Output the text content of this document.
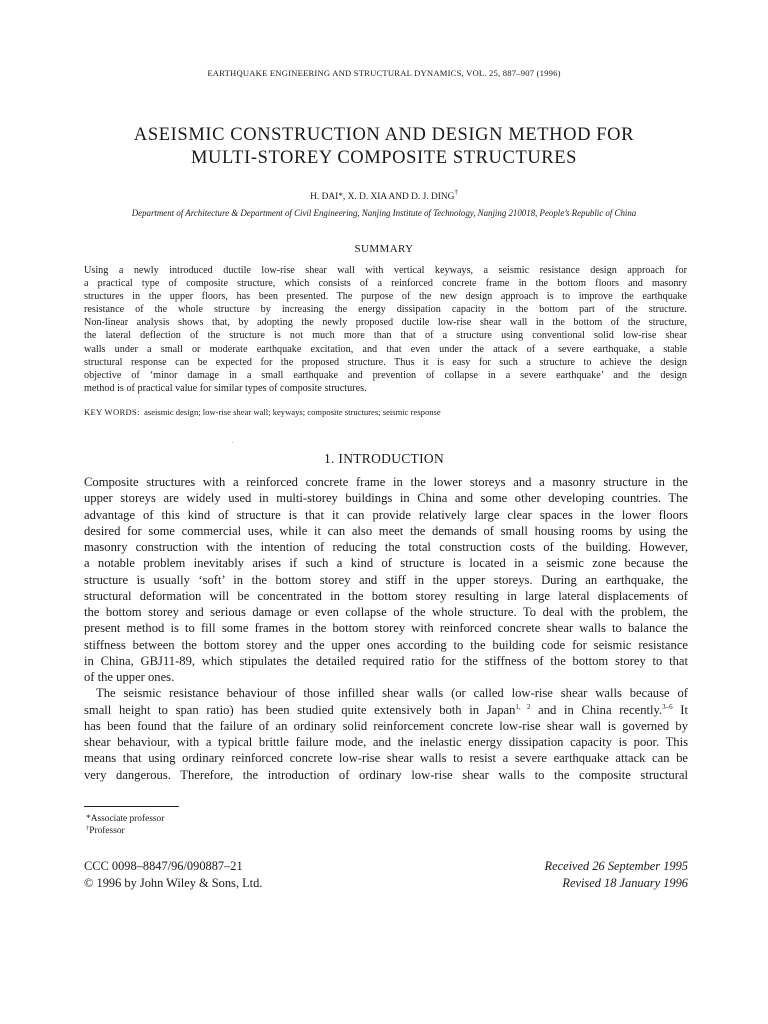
EARTHQUAKE ENGINEERING AND STRUCTURAL DYNAMICS, VOL. 25, 887–907 (1996)
ASEISMIC CONSTRUCTION AND DESIGN METHOD FOR
MULTI-STOREY COMPOSITE STRUCTURES
H. DAI*, X. D. XIA AND D. J. DING†
Department of Architecture & Department of Civil Engineering, Nanjing Institute of Technology, Nanjing 210018, People’s Republic of China
SUMMARY
Using a newly introduced ductile low-rise shear wall with vertical keyways, a seismic resistance design approach for
a practical type of composite structure, which consists of a reinforced concrete frame in the bottom floors and masonry
structures in the upper floors, has been presented. The purpose of the new design approach is to improve the earthquake
resistance of the whole structure by increasing the energy dissipation capacity in the bottom part of the structure.
Non-linear analysis shows that, by adopting the newly proposed ductile low-rise shear wall in the bottom of the structure,
the lateral deflection of the structure is not much more than that of a structure using conventional solid low-rise shear
walls under a small or moderate earthquake excitation, and that even under the attack of a severe earthquake, a stable
structural response can be expected for the proposed structure. Thus it is easy for such a structure to achieve the design
objective of ‘minor damage in a small earthquake and prevention of collapse in a severe earthquake’ and the design
method is of practical value for similar types of composite structures.
KEY WORDS: aseismic design; low-rise shear wall; keyways; composite structures; seismic response
1. INTRODUCTION
Composite structures with a reinforced concrete frame in the lower storeys and a masonry structure in the
upper storeys are widely used in multi-storey buildings in China and some other developing countries. The
advantage of this kind of structure is that it can provide relatively large clear spaces in the lower floors
desired for some commercial uses, while it can also meet the demands of small housing rooms by using the
masonry construction with the intention of reducing the total construction costs of the building. However,
a notable problem inevitably arises if such a kind of structure is located in a seismic zone because the
structure is usually ‘soft’ in the bottom storey and stiff in the upper storeys. During an earthquake, the
structural deformation will be concentrated in the bottom storey resulting in large lateral displacements of
the bottom storey and serious damage or even collapse of the whole structure. To deal with the problem, the
present method is to fill some frames in the bottom storey with reinforced concrete shear walls to balance the
stiffness between the bottom storey and the upper ones according to the building code for seismic resistance
in China, GBJ11-89, which stipulates the detailed required ratio for the stiffness of the bottom storey to that
of the upper ones.
The seismic resistance behaviour of those infilled shear walls (or called low-rise shear walls because of
small height to span ratio) has been studied quite extensively both in Japan$^{1, 2}$ and in China recently.$^{3-6}$ It
has been found that the failure of an ordinary solid reinforcement concrete low-rise shear wall is governed by
shear behaviour, with a typical brittle failure mode, and the inelastic energy dissipation capacity is poor. This
means that using ordinary reinforced concrete low-rise shear walls to resist a severe earthquake attack can be
very dangerous. Therefore, the introduction of ordinary low-rise shear walls to the composite structural
*Associate professor
†Professor
CCC 0098–8847/96/090887–21
© 1996 by John Wiley & Sons, Ltd.
Received 26 September 1995
Revised 18 January 1996
